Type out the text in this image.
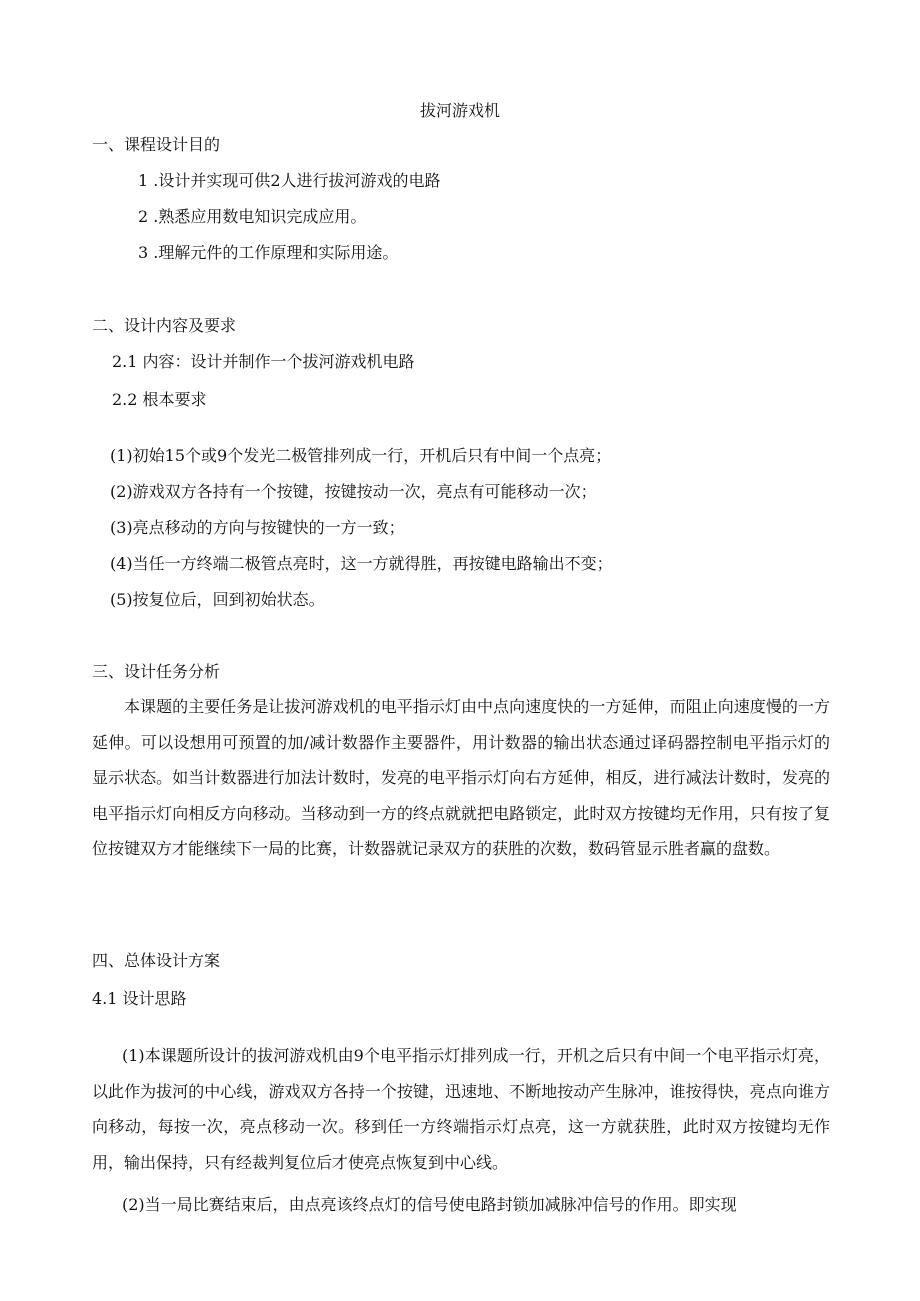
拔河游戏机
一、课程设计目的
1 .设计并实现可供2人进行拔河游戏的电路
2 .熟悉应用数电知识完成应用。
3 .理解元件的工作原理和实际用途。
二、设计内容及要求
2.1 内容：设计并制作一个拔河游戏机电路
2.2 根本要求
(1)初始15个或9个发光二极管排列成一行，开机后只有中间一个点亮；
(2)游戏双方各持有一个按键，按键按动一次，亮点有可能移动一次；
(3)亮点移动的方向与按键快的一方一致；
(4)当任一方终端二极管点亮时，这一方就得胜，再按键电路输出不变；
(5)按复位后，回到初始状态。
三、设计任务分析
本课题的主要任务是让拔河游戏机的电平指示灯由中点向速度快的一方延伸，而阻止向速度慢的一方延伸。可以设想用可预置的加/减计数器作主要器件，用计数器的输出状态通过译码器控制电平指示灯的显示状态。如当计数器进行加法计数时，发亮的电平指示灯向右方延伸，相反，进行减法计数时，发亮的电平指示灯向相反方向移动。当移动到一方的终点就就把电路锁定，此时双方按键均无作用，只有按了复位按键双方才能继续下一局的比赛，计数器就记录双方的获胜的次数，数码管显示胜者赢的盘数。
四、总体设计方案
4.1 设计思路
(1)本课题所设计的拔河游戏机由9个电平指示灯排列成一行，开机之后只有中间一个电平指示灯亮，以此作为拔河的中心线，游戏双方各持一个按键，迅速地、不断地按动产生脉冲，谁按得快，亮点向谁方向移动，每按一次，亮点移动一次。移到任一方终端指示灯点亮，这一方就获胜，此时双方按键均无作用，输出保持，只有经裁判复位后才使亮点恢复到中心线。
(2)当一局比赛结束后，由点亮该终点灯的信号使电路封锁加减脉冲信号的作用。即实现
